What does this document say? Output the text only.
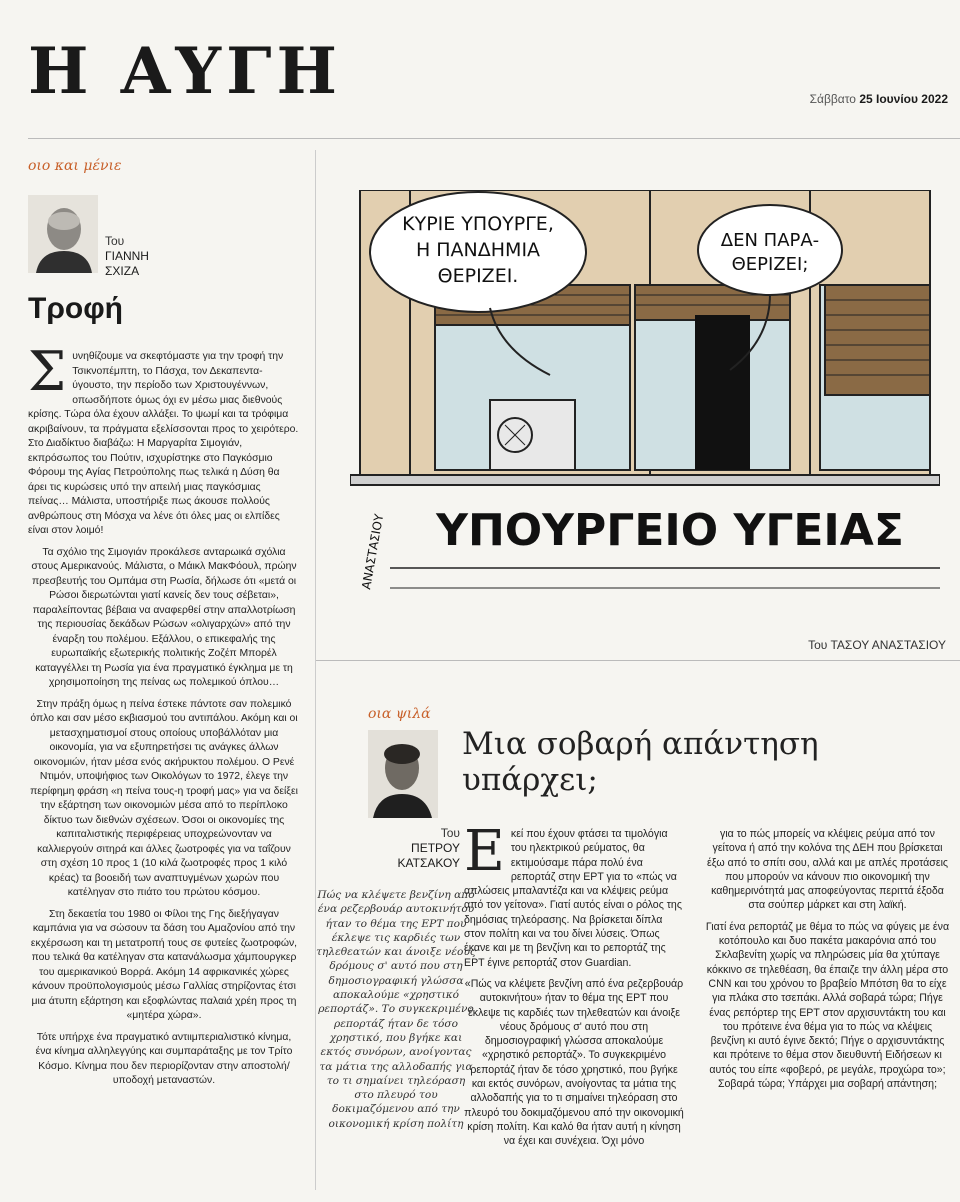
Η ΑΥΓΗ	Σάββατο 25 Ιουνίου 2022
οιο και μένιε
Του
ΓΙΑΝΝΗ
ΣΧΙΖΑ
Τροφή

Συνηθίζουμε να σκεφτόμαστε για την τροφή την Τσικνοπέμπτη, το Πάσχα, τον Δεκαπενταύγουστο, την περίοδο των Χριστουγέννων, οπωσδήποτε όμως όχι εν μέσω μιας διεθνούς κρίσης. Τώρα όλα έχουν αλλάξει. Το ψωμί και τα τρόφιμα ακριβαίνουν, τα πράγματα εξελίσσονται προς το χειρότερο. Στο Διαδίκτυο διαβάζω: Η Μαργαρίτα Σιμογιάν, εκπρόσωπος του Πούτιν, ισχυρίστηκε στο Παγκόσμιο Φόρουμ της Αγίας Πετρούπολης πως τελικά η Δύση θα άρει τις κυρώσεις υπό την απειλή μιας παγκόσμιας πείνας… Μάλιστα, υποστήριξε πως άκουσε πολλούς ανθρώπους στη Μόσχα να λένε ότι όλες μας οι ελπίδες είναι στον λοιμό!

Τα σχόλιο της Σιμογιάν προκάλεσε ανταρωικά σχόλια στους Αμερικανούς. Μάλιστα, ο Μάικλ ΜακΦόουλ, πρώην πρεσβευτής του Ομπάμα στη Ρωσία, δήλωσε ότι «μετά οι Ρώσοι διερωτώνται γιατί κανείς δεν τους σέβεται», παραλείποντας βέβαια να αναφερθεί στην απαλλοτρίωση της περιουσίας δεκάδων Ρώσων «ολιγαρχών» από την έναρξη του πολέμου. Εξάλλου, ο επικεφαλής της ευρωπαϊκής εξωτερικής πολιτικής Ζοζέπ Μπορέλ καταγγέλλει τη Ρωσία για ένα πραγματικό έγκλημα με τη χρησιμοποίηση της πείνας ως πολεμικού όπλου…

Στην πράξη όμως η πείνα έστεκε πάντοτε σαν πολεμικό όπλο και σαν μέσο εκβιασμού του αντιπάλου. Ακόμη και οι μετασχηματισμοί στους οποίους υποβάλλόταν μια οικονομία, για να εξυπηρετήσει τις ανάγκες άλλων οικονομιών, ήταν μέσα ενός ακήρυκτου πολέμου. Ο Ρενέ Ντιμόν, υποψήφιος των Οικολόγων το 1972, έλεγε την περίφημη φράση «η πείνα τους-η τροφή μας» για να δείξει την εξάρτηση των οικονομιών μέσα από το περίπλοκο δίκτυο των διεθνών σχέσεων. Όσοι οι οικονομίες της καπιταλιστικής περιφέρειας υποχρεώνονταν να καλλιεργούν σιτηρά και άλλες ζωοτροφές για να ταΐζουν στη σχέση 10 προς 1 (10 κιλά ζωοτροφές προς 1 κιλό κρέας) τα βοοειδή των αναπτυγμένων χωρών που κατέληγαν στο πιάτο του πρώτου κόσμου.

Στη δεκαετία του 1980 οι Φίλοι της Γης διεξήγαγαν καμπάνια για να σώσουν τα δάση του Αμαζονίου από την εκχέρσωση και τη μετατροπή τους σε φυτείες ζωοτροφών, που τελικά θα κατέληγαν στα κατανάλωσμα χάμπουργκερ του αμερικανικού Βορρά. Ακόμη 14 αφρικανικές χώρες κάνουν προϋπολογισμούς μέσω Γαλλίας στηρίζοντας έτσι μια άτυπη εξάρτηση και εξοφλώντας παλαιά χρέη προς τη «μητέρα χώρα».

Τότε υπήρχε ένα πραγματικό αντιιμπεριαλιστικό κίνημα, ένα κίνημα αλληλεγγύης και συμπαράταξης με τον Τρίτο Κόσμο. Κίνημα που δεν περιορίζονταν στην αποστολή/υποδοχή μεταναστών.

ΚΥΡΙΕ ΥΠΟΥΡΓΕ,
Η ΠΑΝΔΗΜΙΑ
ΘΕΡΙΖΕΙ.
ΔΕΝ ΠΑΡΑ-
ΘΕΡΙΖΕΙ;
ΥΠΟΥΡΓΕΙΟ ΥΓΕΙΑΣ
ΑΝΑΣΤΑΣΙΟΥ
Του ΤΑΣΟΥ ΑΝΑΣΤΑΣΙΟΥ
οια ψιλά
Του
ΠΕΤΡΟΥ
ΚΑΤΣΑΚΟΥ
Μια σοβαρή απάντηση υπάρχει;
Πώς να κλέψετε βενζίνη από ένα ρεζερβουάρ αυτοκινήτου ήταν το θέμα της ΕΡΤ που έκλεψε τις καρδιές των τηλεθεατών και άνοιξε νέους δρόμους σ' αυτό που στη δημοσιογραφική γλώσσα αποκαλούμε «χρηστικό ρεπορτάζ». Το συγκεκριμένο ρεπορτάζ ήταν δε τόσο χρηστικό, που βγήκε και εκτός συνόρων, ανοίγοντας τα μάτια της αλλοδαπής για το τι σημαίνει τηλεόραση στο πλευρό του δοκιμαζόμενου από την οικονομική κρίση πολίτη

Εκεί που έχουν φτάσει τα τιμολόγια του ηλεκτρικού ρεύματος, θα εκτιμούσαμε πάρα πολύ ένα ρεπορτάζ στην ΕΡΤ για το «πώς να απλώσεις μπαλαντέζα και να κλέψεις ρεύμα από τον γείτονα». Γιατί αυτός είναι ο ρόλος της δημόσιας τηλεόρασης. Να βρίσκεται δίπλα στον πολίτη και να του δίνει λύσεις. Όπως έκανε και με τη βενζίνη και το ρεπορτάζ της ΕΡΤ έγινε ρεπορτάζ στον Guardian.

«Πώς να κλέψετε βενζίνη από ένα ρεζερβουάρ αυτοκινήτου» ήταν το θέμα της ΕΡΤ που έκλεψε τις καρδιές των τηλεθεατών και άνοιξε νέους δρόμους σ' αυτό που στη δημοσιογραφική γλώσσα αποκαλούμε «χρηστικό ρεπορτάζ». Το συγκεκριμένο ρεπορτάζ ήταν δε τόσο χρηστικό, που βγήκε και εκτός συνόρων, ανοίγοντας τα μάτια της αλλοδαπής για το τι σημαίνει τηλεόραση στο πλευρό του δοκιμαζόμενου από την οικονομική κρίση πολίτη. Και καλό θα ήταν αυτή η κίνηση να έχει και συνέχεια. Όχι μόνο

για το πώς μπορείς να κλέψεις ρεύμα από τον γείτονα ή από την κολόνα της ΔΕΗ που βρίσκεται έξω από το σπίτι σου, αλλά και με απλές προτάσεις που μπορούν να κάνουν πιο οικονομική την καθημερινότητά μας αποφεύγοντας περιττά έξοδα στα σούπερ μάρκετ και στη λαϊκή.

Γιατί ένα ρεπορτάζ με θέμα το πώς να φύγεις με ένα κοτόπουλο και δυο πακέτα μακαρόνια από του Σκλαβενίτη χωρίς να πληρώσεις μία θα χτύπαγε κόκκινο σε τηλεθέαση, θα έπαιζε την άλλη μέρα στο CNN και του χρόνου το βραβείο Μπότση θα το είχε για πλάκα στο τσεπάκι. Αλλά σοβαρά τώρα; Πήγε ένας ρεπόρτερ της ΕΡΤ στον αρχισυντάκτη του και του πρότεινε ένα θέμα για το πώς να κλέψεις βενζίνη κι αυτό έγινε δεκτό; Πήγε ο αρχισυντάκτης και πρότεινε το θέμα στον διευθυντή Ειδήσεων κι αυτός του είπε «φοβερό, ρε μεγάλε, προχώρα το»; Σοβαρά τώρα; Υπάρχει μια σοβαρή απάντηση;
